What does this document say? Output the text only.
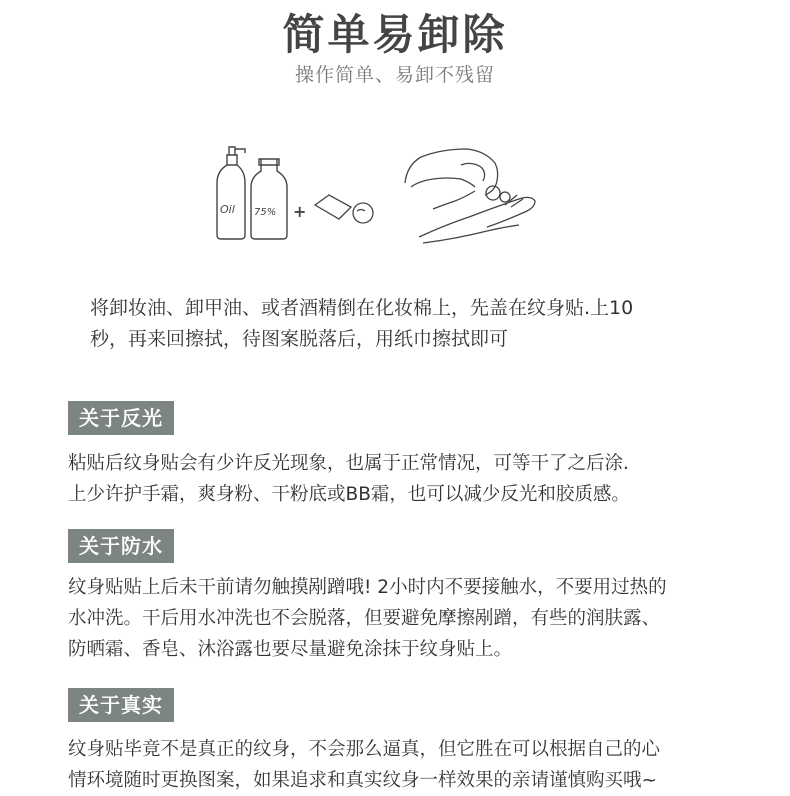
简单易卸除
操作简单、易卸不残留
Oil 75% +
将卸妆油、卸甲油、或者酒精倒在化妆棉上，先盖在纹身贴.上10
秒，再来回擦拭，待图案脱落后，用纸巾擦拭即可
关于反光
粘贴后纹身贴会有少许反光现象，也属于正常情况，可等干了之后涂.
上少许护手霜，爽身粉、干粉底或BB霜，也可以减少反光和胶质感。
关于防水
纹身贴贴上后未干前请勿触摸剐蹭哦! 2小时内不要接触水，不要用过热的
水冲洗。干后用水冲洗也不会脱落，但要避免摩擦剐蹭，有些的润肤露、
防晒霜、香皂、沐浴露也要尽量避免涂抹于纹身贴上。
关于真实
纹身贴毕竟不是真正的纹身，不会那么逼真，但它胜在可以根据自己的心
情环境随时更换图案，如果追求和真实纹身一样效果的亲请谨慎购买哦~
